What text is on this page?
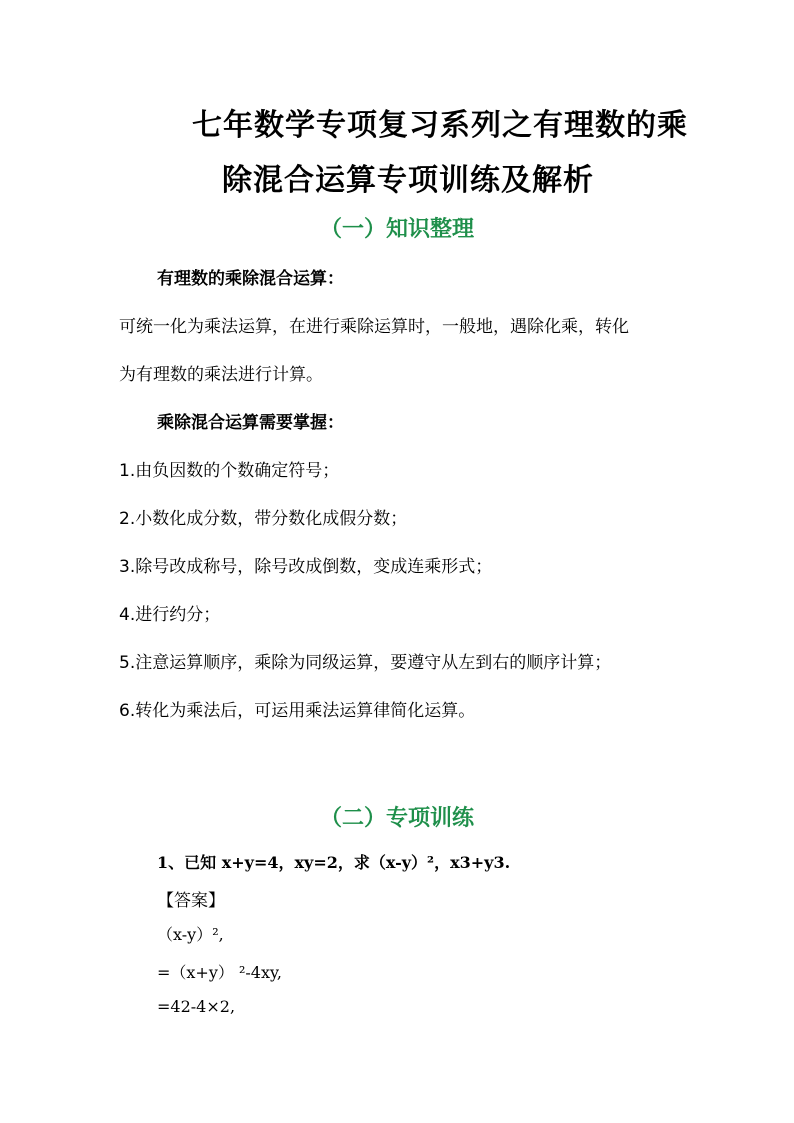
七年数学专项复习系列之有理数的乘
除混合运算专项训练及解析
（一）知识整理
有理数的乘除混合运算：
可统一化为乘法运算，在进行乘除运算时，一般地，遇除化乘，转化
为有理数的乘法进行计算。
乘除混合运算需要掌握：
1.由负因数的个数确定符号；
2.小数化成分数，带分数化成假分数；
3.除号改成称号，除号改成倒数，变成连乘形式；
4.进行约分；
5.注意运算顺序，乘除为同级运算，要遵守从左到右的顺序计算；
6.转化为乘法后，可运用乘法运算律简化运算。
（二）专项训练
1、已知 x+y=4，xy=2，求（x-y）²，x3+y3.
【答案】
（x-y）²,
=（x+y） ²-4xy,
=42-4×2,
